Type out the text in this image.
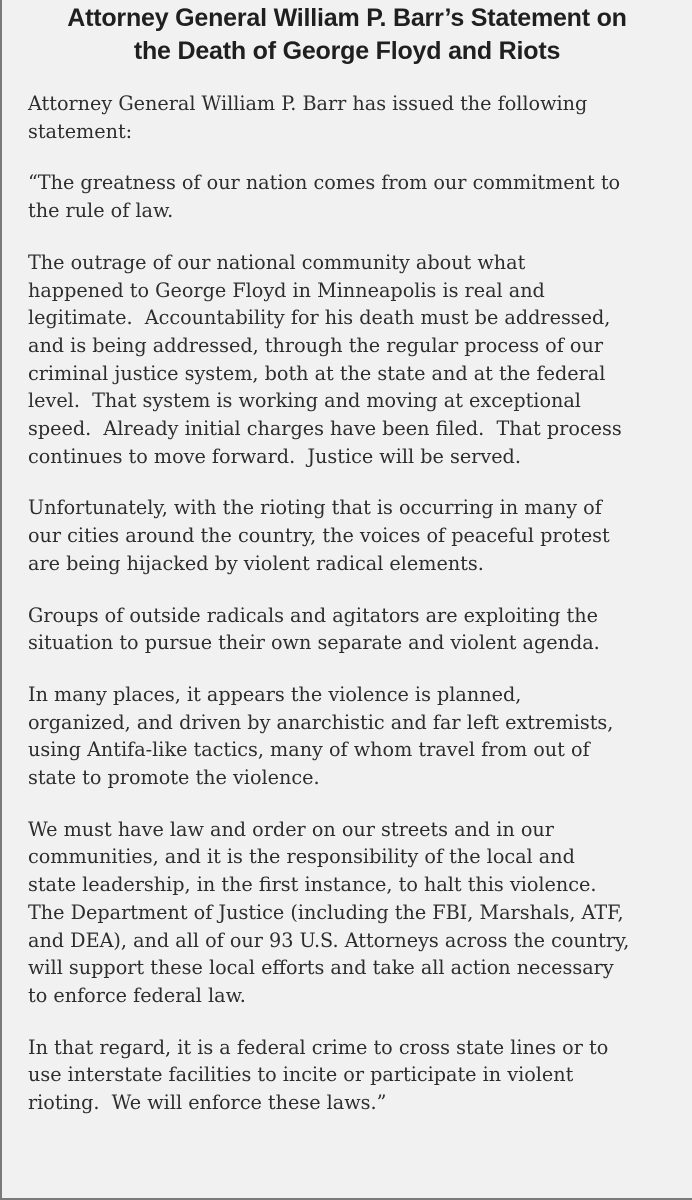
Attorney General William P. Barr’s Statement on
the Death of George Floyd and Riots

Attorney General William P. Barr has issued the following
statement:

“The greatness of our nation comes from our commitment to
the rule of law.

The outrage of our national community about what
happened to George Floyd in Minneapolis is real and
legitimate.  Accountability for his death must be addressed,
and is being addressed, through the regular process of our
criminal justice system, both at the state and at the federal
level.  That system is working and moving at exceptional
speed.  Already initial charges have been filed.  That process
continues to move forward.  Justice will be served.

Unfortunately, with the rioting that is occurring in many of
our cities around the country, the voices of peaceful protest
are being hijacked by violent radical elements.

Groups of outside radicals and agitators are exploiting the
situation to pursue their own separate and violent agenda.

In many places, it appears the violence is planned,
organized, and driven by anarchistic and far left extremists,
using Antifa-like tactics, many of whom travel from out of
state to promote the violence.

We must have law and order on our streets and in our
communities, and it is the responsibility of the local and
state leadership, in the first instance, to halt this violence.
The Department of Justice (including the FBI, Marshals, ATF,
and DEA), and all of our 93 U.S. Attorneys across the country,
will support these local efforts and take all action necessary
to enforce federal law.

In that regard, it is a federal crime to cross state lines or to
use interstate facilities to incite or participate in violent
rioting.  We will enforce these laws.”
